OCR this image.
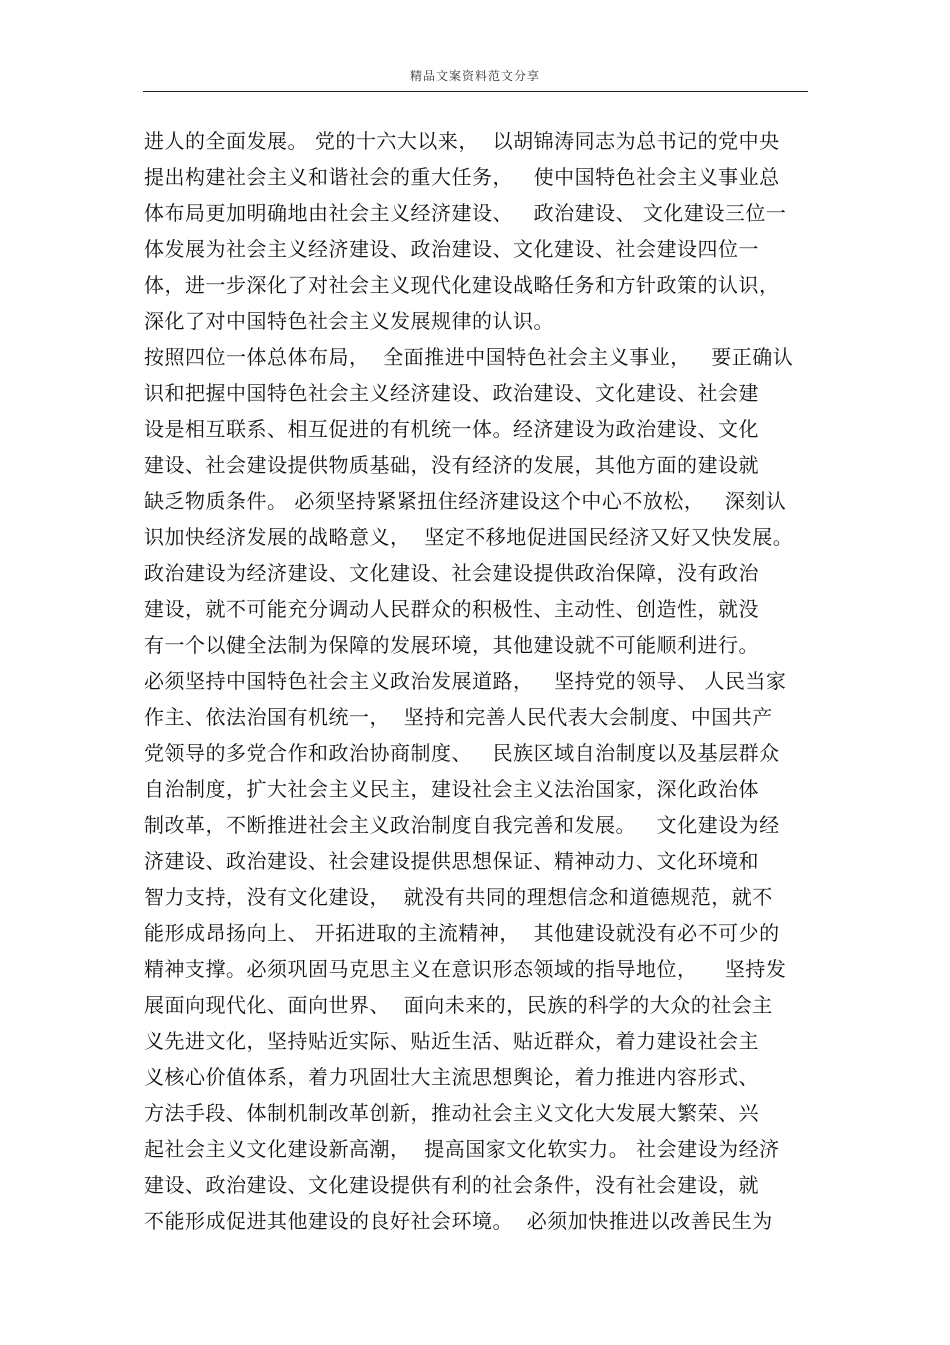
精品文案资料范文分享
进人的全面发展。 党的十六大以来，  以胡锦涛同志为总书记的党中央
提出构建社会主义和谐社会的重大任务，   使中国特色社会主义事业总
体布局更加明确地由社会主义经济建设、   政治建设、 文化建设三位一
体发展为社会主义经济建设、政治建设、文化建设、社会建设四位一
体，进一步深化了对社会主义现代化建设战略任务和方针政策的认识，
深化了对中国特色社会主义发展规律的认识。
按照四位一体总体布局，  全面推进中国特色社会主义事业，   要正确认
识和把握中国特色社会主义经济建设、政治建设、文化建设、社会建
设是相互联系、相互促进的有机统一体。经济建设为政治建设、文化
建设、社会建设提供物质基础，没有经济的发展，其他方面的建设就
缺乏物质条件。 必须坚持紧紧扭住经济建设这个中心不放松，   深刻认
识加快经济发展的战略意义，  坚定不移地促进国民经济又好又快发展。
政治建设为经济建设、文化建设、社会建设提供政治保障，没有政治
建设，就不可能充分调动人民群众的积极性、主动性、创造性，就没
有一个以健全法制为保障的发展环境，其他建设就不可能顺利进行。
必须坚持中国特色社会主义政治发展道路，   坚持党的领导、 人民当家
作主、依法治国有机统一，  坚持和完善人民代表大会制度、中国共产
党领导的多党合作和政治协商制度、   民族区域自治制度以及基层群众
自治制度，扩大社会主义民主，建设社会主义法治国家，深化政治体
制改革，不断推进社会主义政治制度自我完善和发展。   文化建设为经
济建设、政治建设、社会建设提供思想保证、精神动力、文化环境和
智力支持，没有文化建设，  就没有共同的理想信念和道德规范，就不
能形成昂扬向上、 开拓进取的主流精神，  其他建设就没有必不可少的
精神支撑。必须巩固马克思主义在意识形态领域的指导地位，    坚持发
展面向现代化、面向世界、  面向未来的，民族的科学的大众的社会主
义先进文化，坚持贴近实际、贴近生活、贴近群众，着力建设社会主
义核心价值体系，着力巩固壮大主流思想舆论，着力推进内容形式、
方法手段、体制机制改革创新，推动社会主义文化大发展大繁荣、兴
起社会主义文化建设新高潮，  提高国家文化软实力。 社会建设为经济
建设、政治建设、文化建设提供有利的社会条件，没有社会建设，就
不能形成促进其他建设的良好社会环境。  必须加快推进以改善民生为
